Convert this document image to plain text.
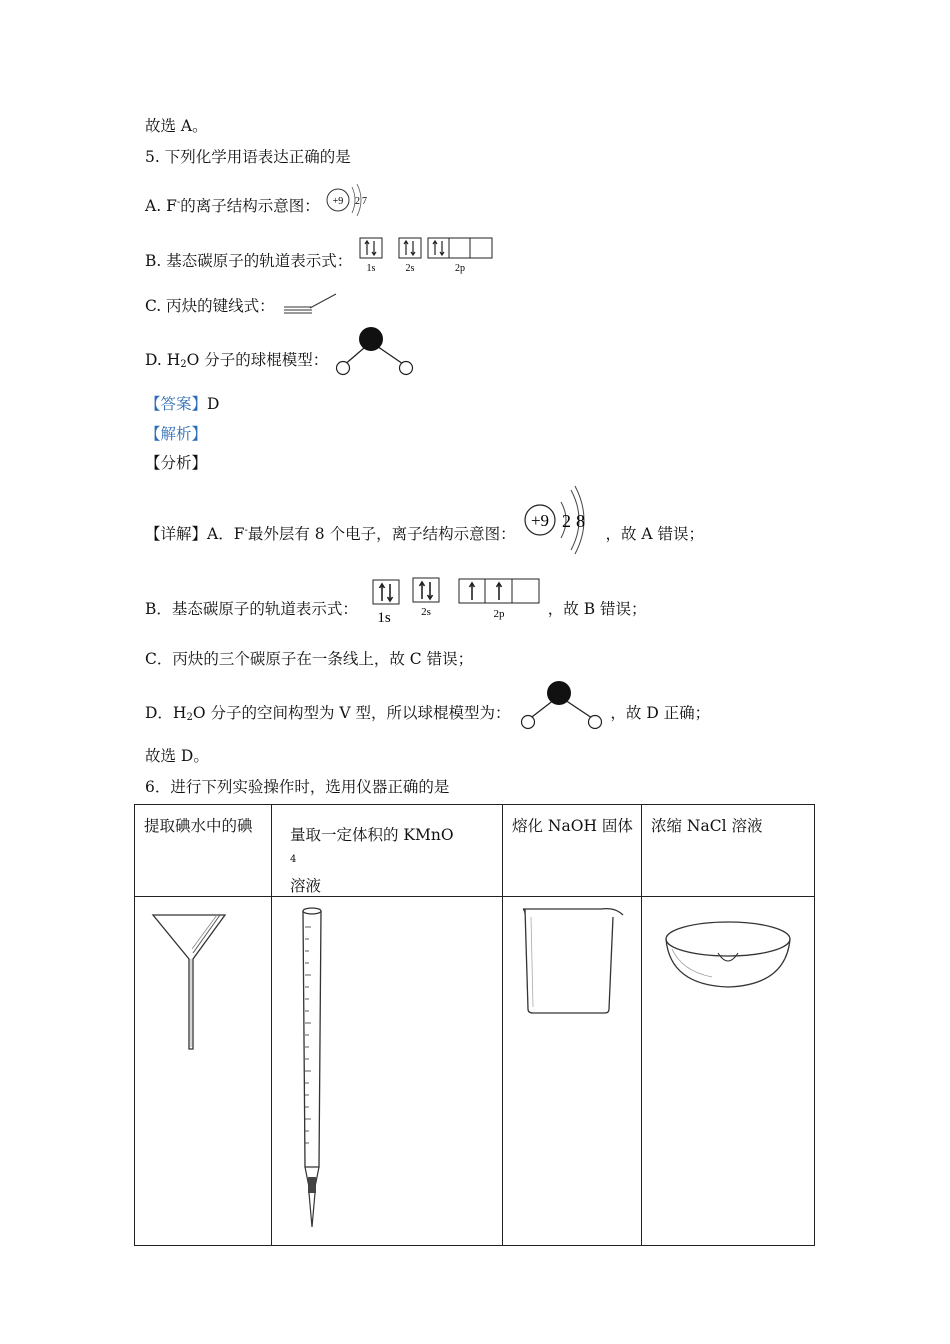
故选 A。
5. 下列化学用语表达正确的是
A. F-的离子结构示意图： +9 2 7
B. 基态碳原子的轨道表示式： 1s	2s	2p
C. 丙炔的键线式：
D. $H_2O$ 分子的球棍模型：
【答案】D
【解析】
【分析】
【详解】A．F-最外层有 8 个电子，离子结构示意图：
+9 2 8
，故 A 错误；
B．基态碳原子的轨道表示式： 1s	2s	2p	，故 B 错误；
C．丙炔的三个碳原子在一条线上，故 C 错误；
D．$H_2O$ 分子的空间构型为 V 型，所以球棍模型为：	，故 D 正确；
故选 D。
6．进行下列实验操作时，选用仪器正确的是
提取碘水中的碘	量取一定体积的 KMnO
4
溶液	熔化 NaOH 固体	浓缩 NaCl 溶液
